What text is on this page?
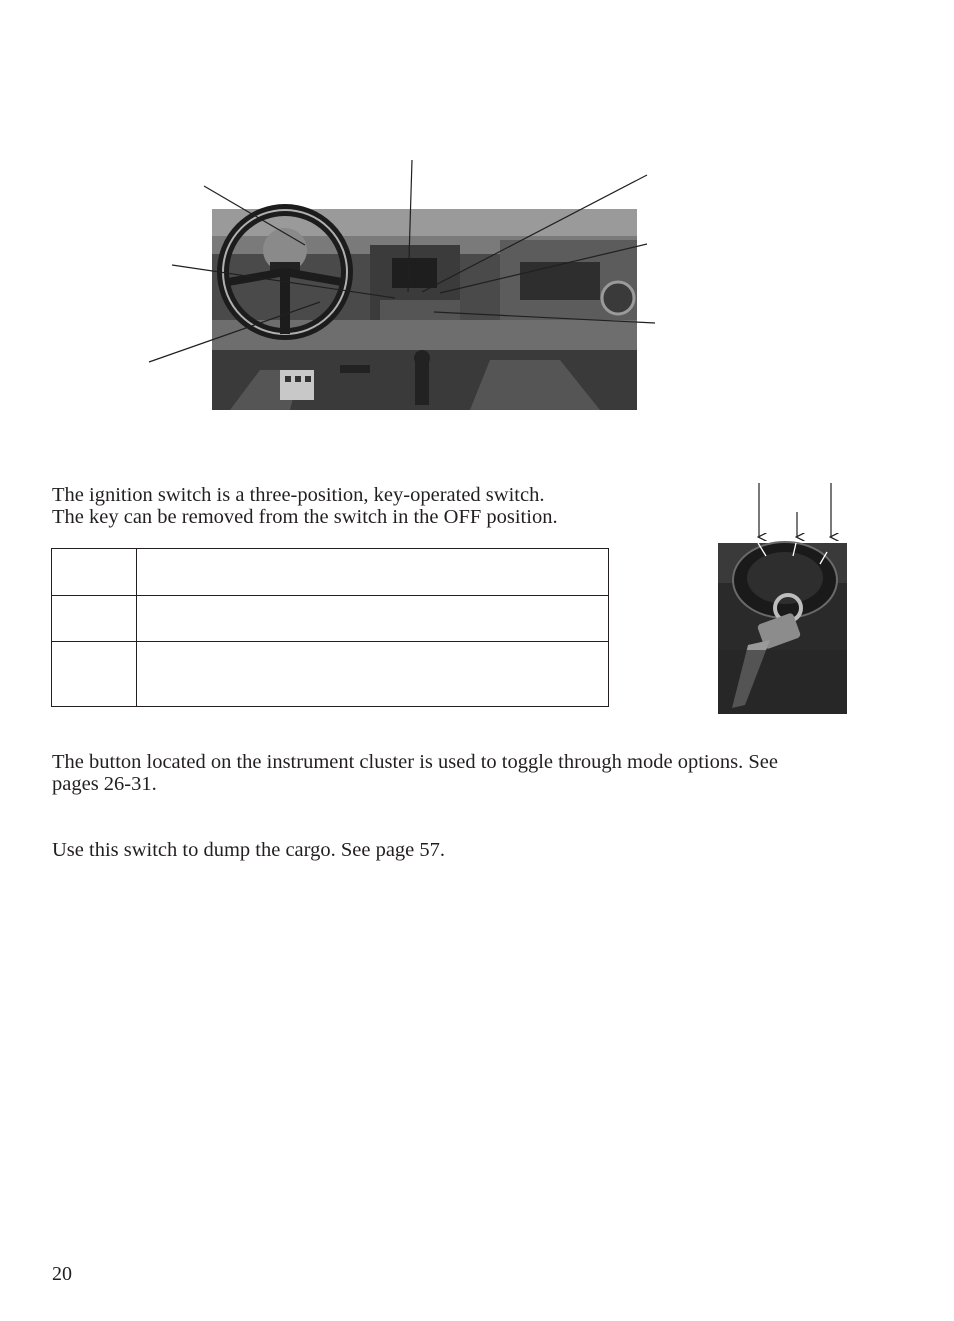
The ignition switch is a three-position, key-operated switch.

The key can be removed from the switch in the OFF position.

The button located on the instrument cluster is used to toggle through mode options. See

pages 26-31.

Use this switch to dump the cargo. See page 57.

20
